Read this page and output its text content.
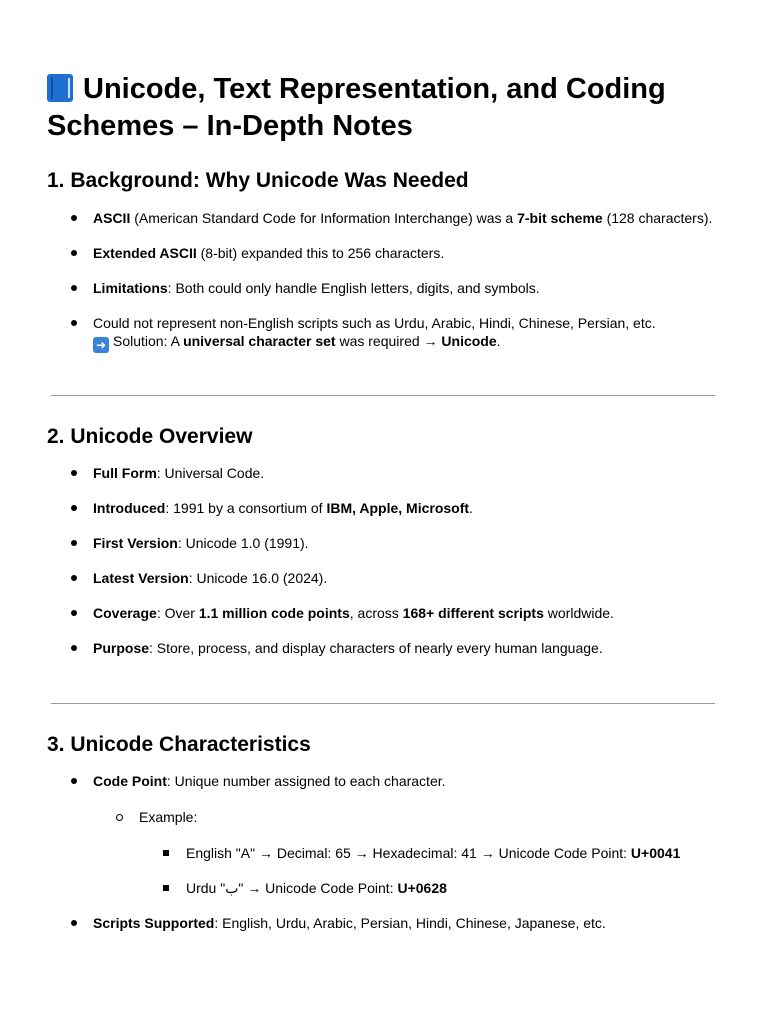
Unicode, Text Representation, and Coding Schemes – In-Depth Notes
1. Background: Why Unicode Was Needed
ASCII (American Standard Code for Information Interchange) was a 7-bit scheme (128 characters).
Extended ASCII (8-bit) expanded this to 256 characters.
Limitations: Both could only handle English letters, digits, and symbols.
Could not represent non-English scripts such as Urdu, Arabic, Hindi, Chinese, Persian, etc.
➜ Solution: A universal character set was required → Unicode.
2. Unicode Overview
Full Form: Universal Code.
Introduced: 1991 by a consortium of IBM, Apple, Microsoft.
First Version: Unicode 1.0 (1991).
Latest Version: Unicode 16.0 (2024).
Coverage: Over 1.1 million code points, across 168+ different scripts worldwide.
Purpose: Store, process, and display characters of nearly every human language.
3. Unicode Characteristics
Code Point: Unique number assigned to each character.
Example:
English "A" → Decimal: 65 → Hexadecimal: 41 → Unicode Code Point: U+0041
Urdu "ب" → Unicode Code Point: U+0628
Scripts Supported: English, Urdu, Arabic, Persian, Hindi, Chinese, Japanese, etc.
